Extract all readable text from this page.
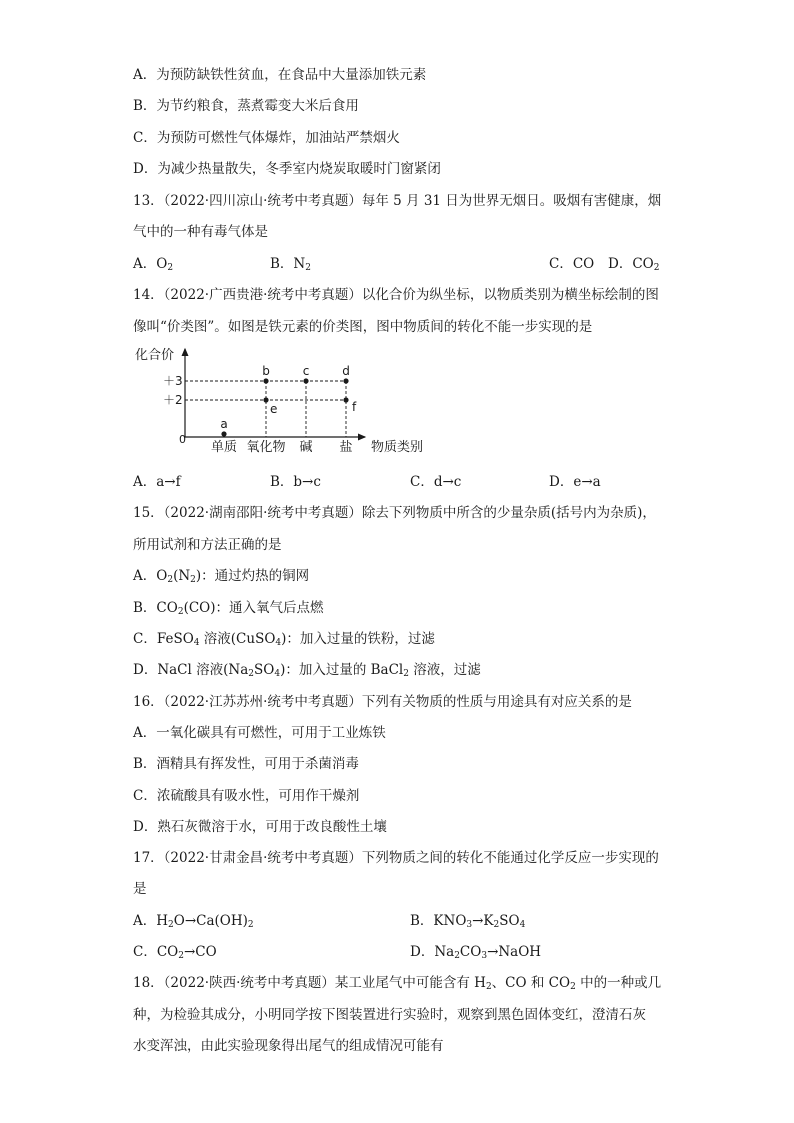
A．为预防缺铁性贫血，在食品中大量添加铁元素
B．为节约粮食，蒸煮霉变大米后食用
C．为预防可燃性气体爆炸，加油站严禁烟火
D．为减少热量散失，冬季室内烧炭取暖时门窗紧闭
13．（2022·四川凉山·统考中考真题）每年 5 月 31 日为世界无烟日。吸烟有害健康，烟
气中的一种有毒气体是
A．$O_2$	B．$N_2$	C．CO D．$CO_2$
14．（2022·广西贵港·统考中考真题）以化合价为纵坐标，以物质类别为横坐标绘制的图
像叫“价类图”。如图是铁元素的价类图，图中物质间的转化不能一步实现的是
化合价
0
物质类别
＋3
＋2
单质 氧化物 碱 盐
a
b	c	d
e	f
A．a→f	B．b→c	C．d→c	D．e→a
15．（2022·湖南邵阳·统考中考真题）除去下列物质中所含的少量杂质(括号内为杂质)，
所用试剂和方法正确的是
A．$O_2(N_2)$：通过灼热的铜网
B．$CO_2(CO)$：通入氧气后点燃
C．FeSO$_4$ 溶液(CuSO$_4$)：加入过量的铁粉，过滤
D．NaCl 溶液$(Na_2SO_4)$：加入过量的 BaCl$_2$ 溶液，过滤
16．（2022·江苏苏州·统考中考真题）下列有关物质的性质与用途具有对应关系的是
A．一氧化碳具有可燃性，可用于工业炼铁
B．酒精具有挥发性，可用于杀菌消毒
C．浓硫酸具有吸水性，可用作干燥剂
D．熟石灰微溶于水，可用于改良酸性土壤
17．（2022·甘肃金昌·统考中考真题）下列物质之间的转化不能通过化学反应一步实现的
是
A．$H_2O\to Ca(OH)_2$	B．$KNO_3\to K_2SO_4$
C．$CO_2\to CO$	D．$Na_2CO_3\to NaOH$
18．（2022·陕西·统考中考真题）某工业尾气中可能含有 $H_2$、CO 和 $CO_2$ 中的一种或几
种，为检验其成分，小明同学按下图装置进行实验时，观察到黑色固体变红，澄清石灰
水变浑浊，由此实验现象得出尾气的组成情况可能有
